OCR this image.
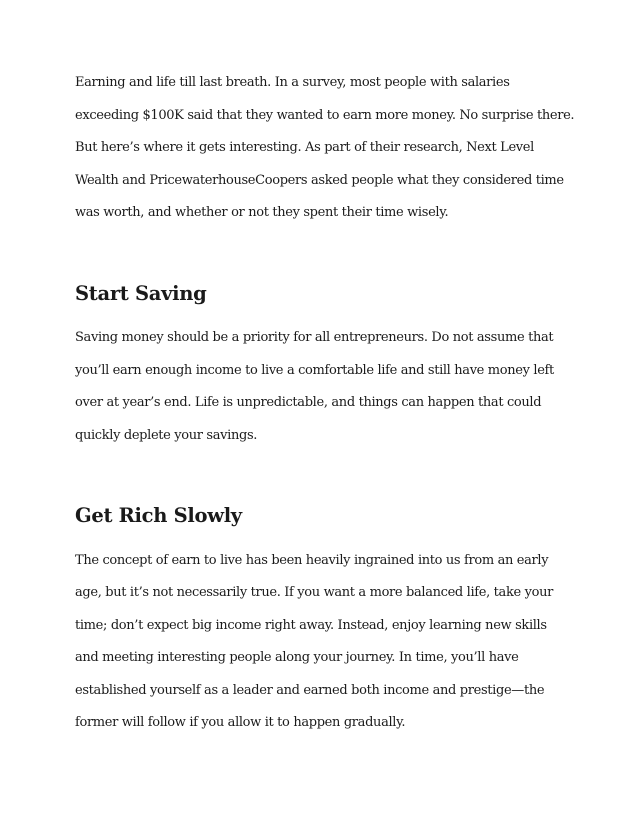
Earning and life till last breath. In a survey, most people with salaries
exceeding $100K said that they wanted to earn more money. No surprise there.
But here’s where it gets interesting. As part of their research, Next Level
Wealth and PricewaterhouseCoopers asked people what they considered time
was worth, and whether or not they spent their time wisely.

Start Saving

Saving money should be a priority for all entrepreneurs. Do not assume that
you’ll earn enough income to live a comfortable life and still have money left
over at year’s end. Life is unpredictable, and things can happen that could
quickly deplete your savings.

Get Rich Slowly

The concept of earn to live has been heavily ingrained into us from an early
age, but it’s not necessarily true. If you want a more balanced life, take your
time; don’t expect big income right away. Instead, enjoy learning new skills
and meeting interesting people along your journey. In time, you’ll have
established yourself as a leader and earned both income and prestige—the
former will follow if you allow it to happen gradually.
